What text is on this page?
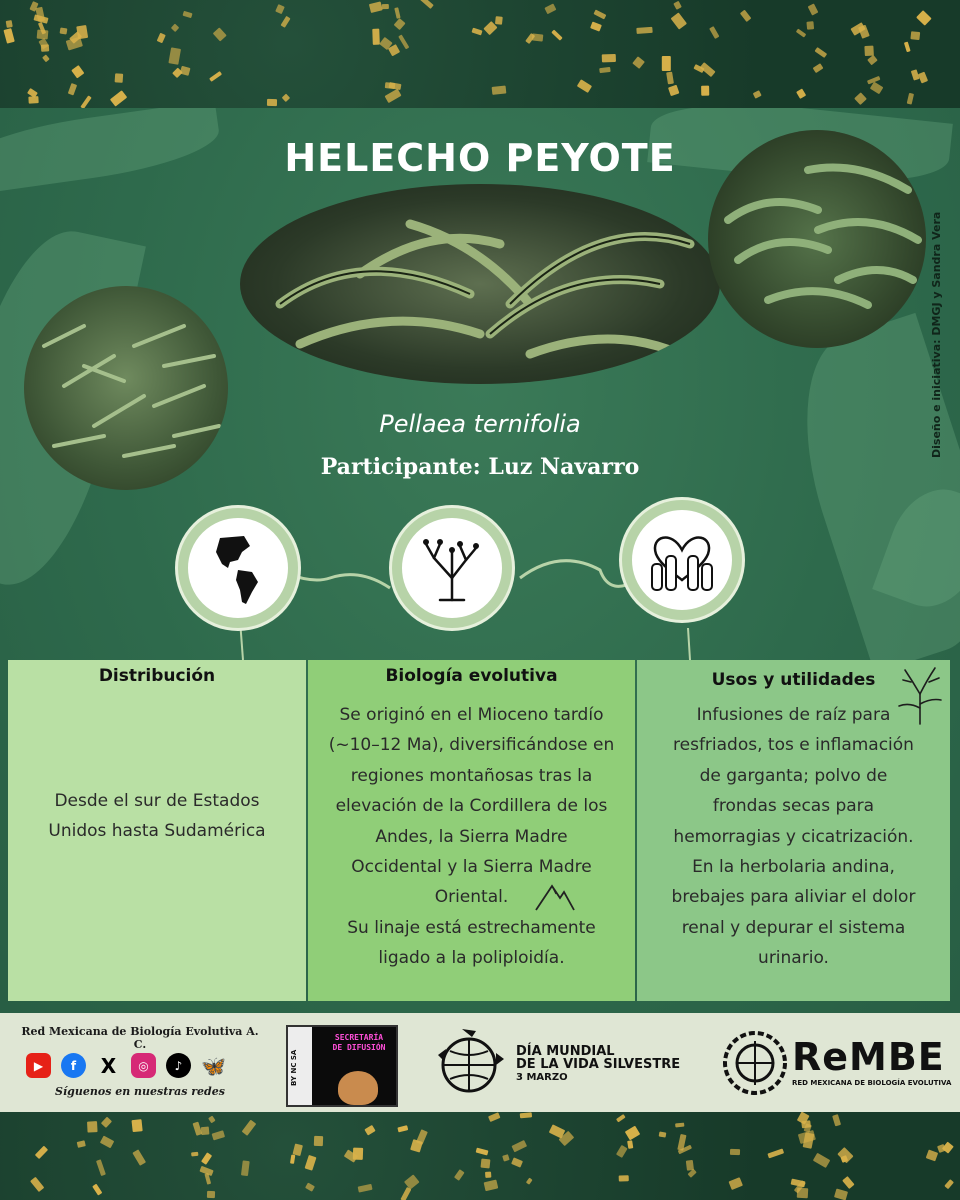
HELECHO PEYOTE
Pellaea ternifolia
Participante: Luz Navarro
Diseño e iniciativa: DMGJ y Sandra Vera
Distribución
Desde el sur de Estados
Unidos hasta Sudamérica
Biología evolutiva
Se originó en el Mioceno tardío
(~10–12 Ma), diversificándose en
regiones montañosas tras la
elevación de la Cordillera de los
Andes, la Sierra Madre
Occidental y la Sierra Madre
Oriental.
Su linaje está estrechamente
ligado a la poliploidía.
Usos y utilidades
Infusiones de raíz para
resfriados, tos e inflamación
de garganta; polvo de
frondas secas para
hemorragias y cicatrización.
En la herbolaria andina,
brebajes para aliviar el dolor
renal y depurar el sistema
urinario.
Red Mexicana de Biología Evolutiva A. C.
▶	f	X	◎	♪ 🦋
Síguenos en nuestras redes
BY NC SA
SECRETARÍA
DE DIFUSIÓN	DÍA MUNDIAL
DE LA VIDA SILVESTRE
3 MARZO	ReMBE
RED MEXICANA DE BIOLOGÍA EVOLUTIVA
